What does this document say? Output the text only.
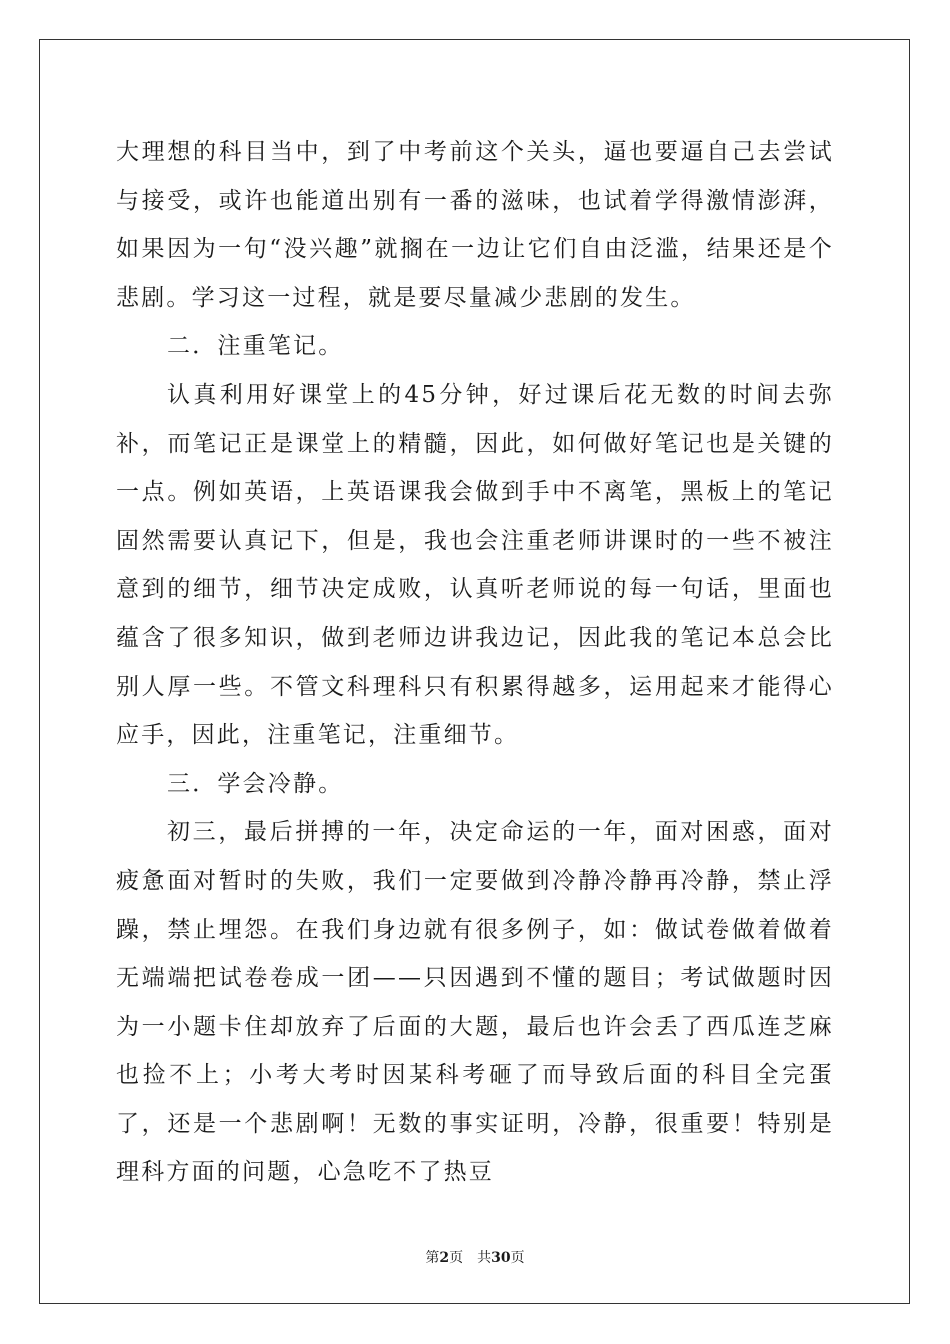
大理想的科目当中，到了中考前这个关头，逼也要逼自己去尝试与接受，或许也能道出别有一番的滋味，也试着学得激情澎湃，如果因为一句“没兴趣”就搁在一边让它们自由泛滥，结果还是个悲剧。学习这一过程，就是要尽量减少悲剧的发生。

二．注重笔记。

认真利用好课堂上的45分钟，好过课后花无数的时间去弥补，而笔记正是课堂上的精髓，因此，如何做好笔记也是关键的一点。例如英语，上英语课我会做到手中不离笔，黑板上的笔记固然需要认真记下，但是，我也会注重老师讲课时的一些不被注意到的细节，细节决定成败，认真听老师说的每一句话，里面也蕴含了很多知识，做到老师边讲我边记，因此我的笔记本总会比别人厚一些。不管文科理科只有积累得越多，运用起来才能得心应手，因此，注重笔记，注重细节。

三．学会冷静。

初三，最后拼搏的一年，决定命运的一年，面对困惑，面对疲惫面对暂时的失败，我们一定要做到冷静冷静再冷静，禁止浮躁，禁止埋怨。在我们身边就有很多例子，如：做试卷做着做着无端端把试卷卷成一团——只因遇到不懂的题目；考试做题时因为一小题卡住却放弃了后面的大题，最后也许会丢了西瓜连芝麻也捡不上；小考大考时因某科考砸了而导致后面的科目全完蛋了，还是一个悲剧啊！无数的事实证明，冷静，很重要！特别是理科方面的问题，心急吃不了热豆

第2页 共30页
